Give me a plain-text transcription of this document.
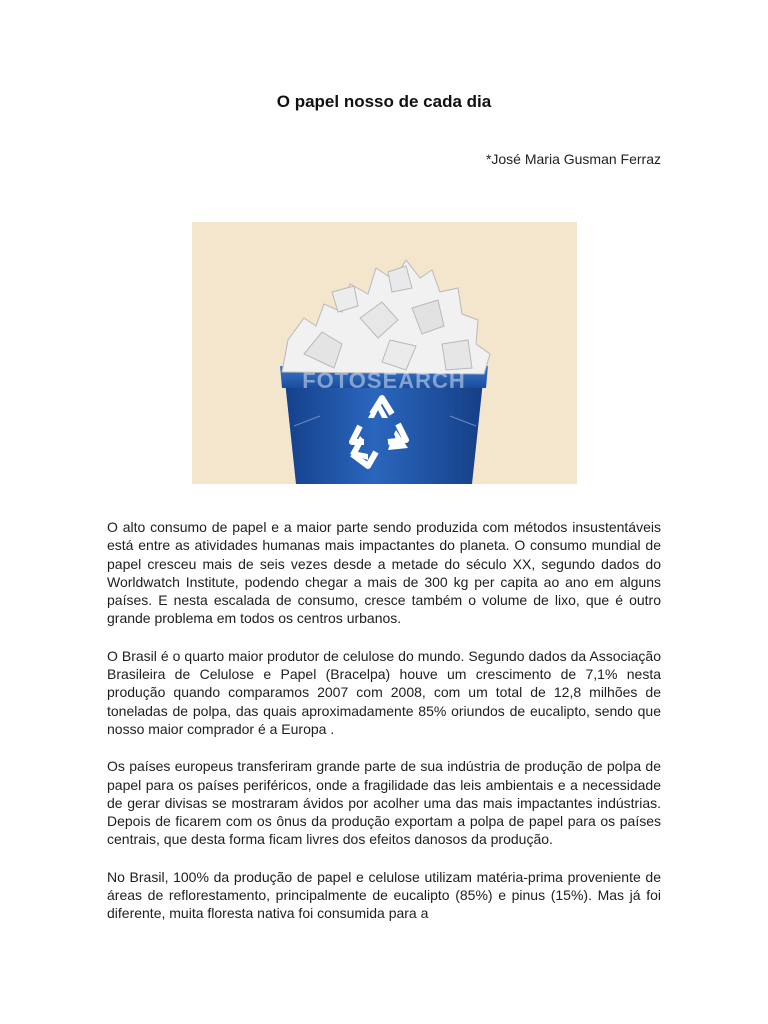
O papel nosso de cada dia
*José Maria Gusman Ferraz
FOTOSEARCH

O alto consumo de papel e a maior parte sendo produzida com métodos insustentáveis está entre as atividades humanas mais impactantes do planeta. O consumo mundial de papel cresceu mais de seis vezes desde a metade do século XX, segundo dados do Worldwatch Institute, podendo chegar a mais de 300 kg per capita ao ano em alguns países. E nesta escalada de consumo, cresce também o volume de lixo, que é outro grande problema em todos os centros urbanos.

O Brasil é o quarto maior produtor de celulose do mundo. Segundo dados da Associação Brasileira de Celulose e Papel (Bracelpa) houve um crescimento de 7,1% nesta produção quando comparamos 2007 com 2008, com um total de 12,8 milhões de toneladas de polpa, das quais aproximadamente 85% oriundos de eucalipto, sendo que nosso maior comprador é a Europa .

Os países europeus transferiram grande parte de sua indústria de produção de polpa de papel para os países periféricos, onde a fragilidade das leis ambientais e a necessidade de gerar divisas se mostraram ávidos por acolher uma das mais impactantes indústrias. Depois de ficarem com os ônus da produção exportam a polpa de papel para os países centrais, que desta forma ficam livres dos efeitos danosos da produção.

No Brasil, 100% da produção de papel e celulose utilizam matéria-prima proveniente de áreas de reflorestamento, principalmente de eucalipto (85%) e pinus (15%). Mas já foi diferente, muita floresta nativa foi consumida para a
